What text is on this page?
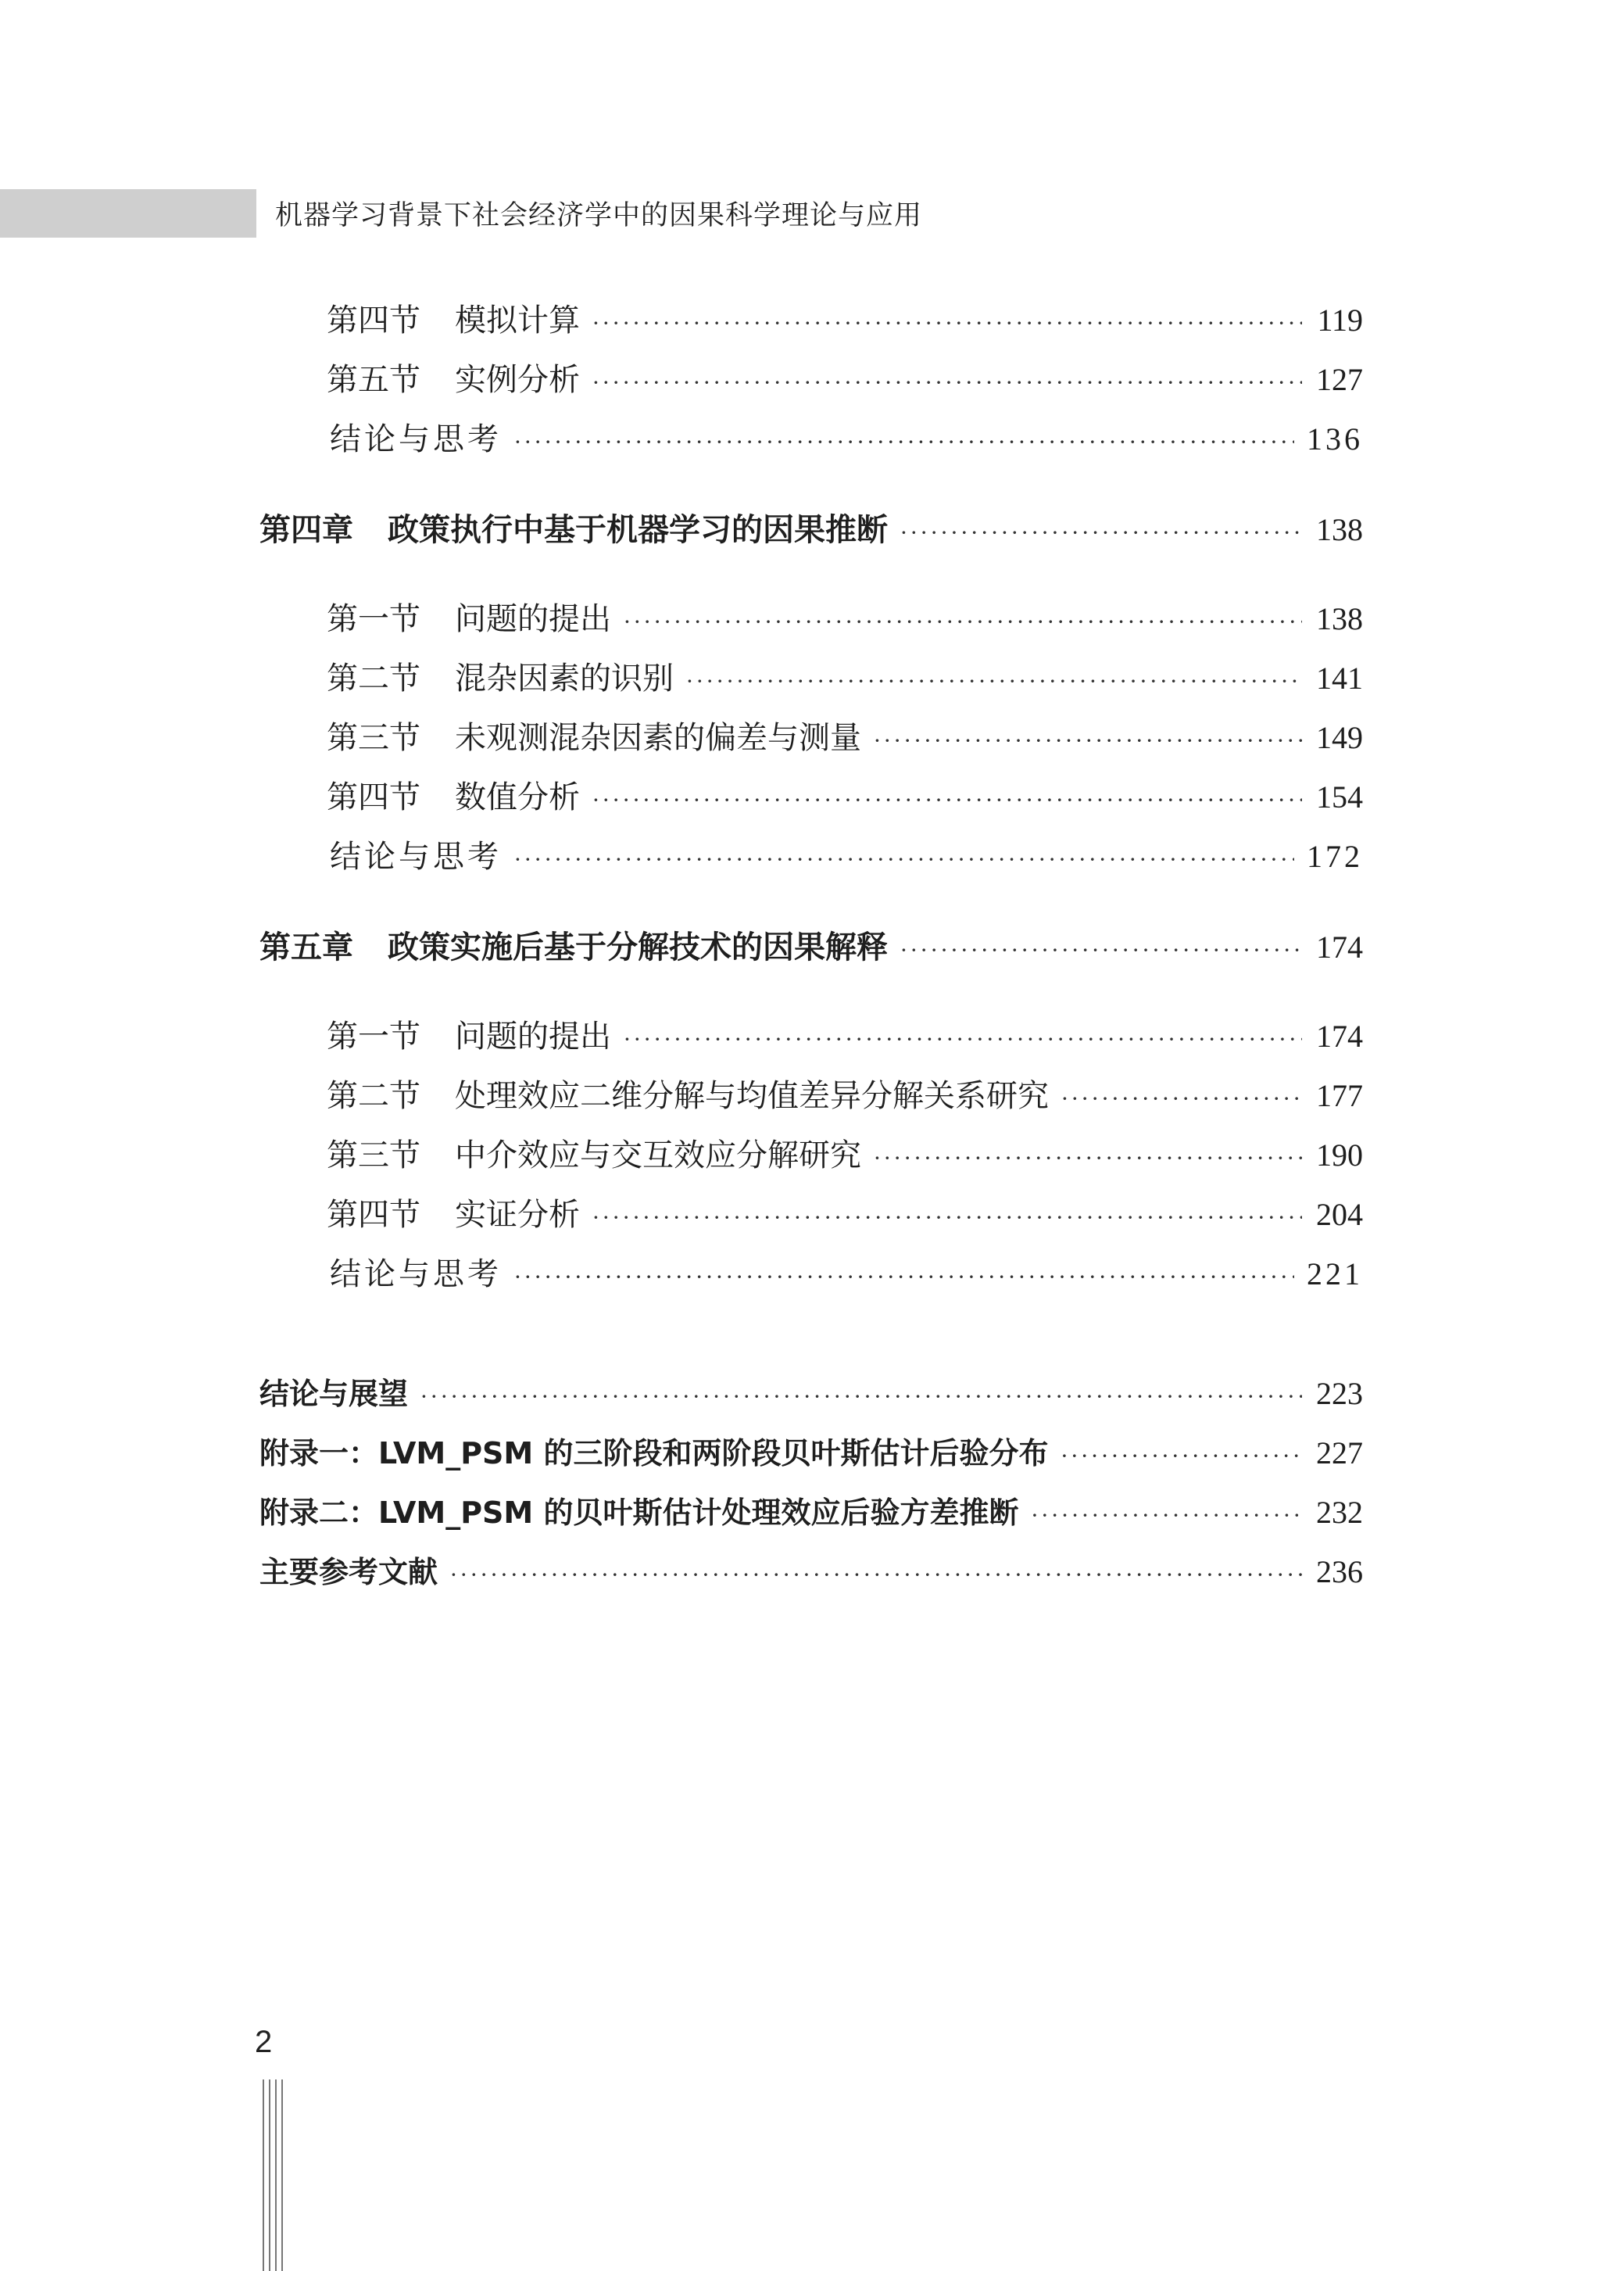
机器学习背景下社会经济学中的因果科学理论与应用
第四节 模拟计算 ·····	119
第五节 实例分析 ·····	127
结论与思考 ·····	136
第四章 政策执行中基于机器学习的因果推断 ·····	138
第一节 问题的提出 ·····	138
第二节 混杂因素的识别 ·····	141
第三节 未观测混杂因素的偏差与测量 ·····	149
第四节 数值分析 ·····	154
结论与思考 ·····	172
第五章 政策实施后基于分解技术的因果解释 ·····	174
第一节 问题的提出 ·····	174
第二节 处理效应二维分解与均值差异分解关系研究 ·····	177
第三节 中介效应与交互效应分解研究 ·····	190
第四节 实证分析 ·····	204
结论与思考 ·····	221
结论与展望 ·····	223
附录一：LVM_PSM 的三阶段和两阶段贝叶斯估计后验分布 ·····	227
附录二：LVM_PSM 的贝叶斯估计处理效应后验方差推断 ·····	232
主要参考文献 ·····	236
2
